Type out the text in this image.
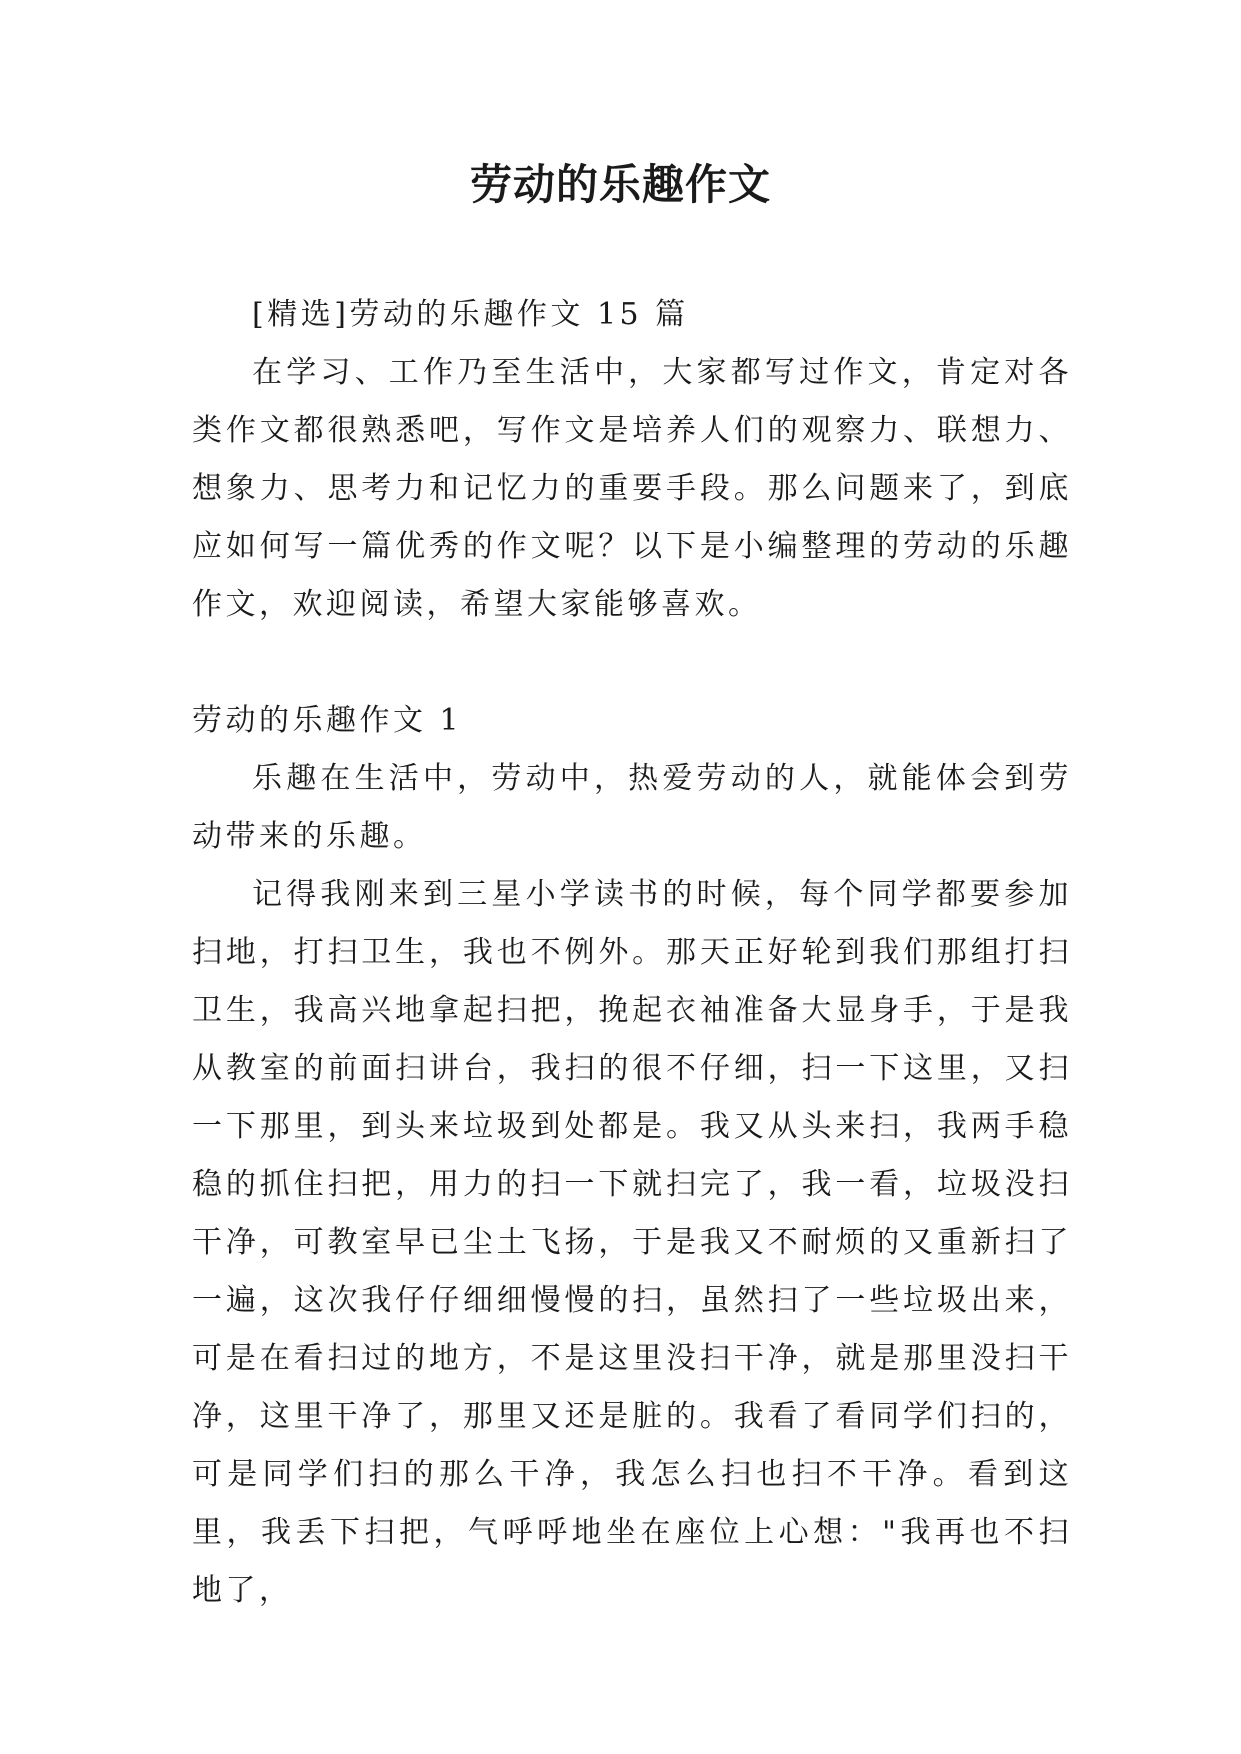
劳动的乐趣作文

[精选]劳动的乐趣作文 15 篇

在学习、工作乃至生活中，大家都写过作文，肯定对各类作文都很熟悉吧，写作文是培养人们的观察力、联想力、想象力、思考力和记忆力的重要手段。那么问题来了，到底应如何写一篇优秀的作文呢？以下是小编整理的劳动的乐趣作文，欢迎阅读，希望大家能够喜欢。

劳动的乐趣作文 1

乐趣在生活中，劳动中，热爱劳动的人，就能体会到劳动带来的乐趣。

记得我刚来到三星小学读书的时候，每个同学都要参加扫地，打扫卫生，我也不例外。那天正好轮到我们那组打扫卫生，我高兴地拿起扫把，挽起衣袖准备大显身手，于是我从教室的前面扫讲台，我扫的很不仔细，扫一下这里，又扫一下那里，到头来垃圾到处都是。我又从头来扫，我两手稳稳的抓住扫把，用力的扫一下就扫完了，我一看，垃圾没扫干净，可教室早已尘土飞扬，于是我又不耐烦的又重新扫了一遍，这次我仔仔细细慢慢的扫，虽然扫了一些垃圾出来，可是在看扫过的地方，不是这里没扫干净，就是那里没扫干净，这里干净了，那里又还是脏的。我看了看同学们扫的，可是同学们扫的那么干净，我怎么扫也扫不干净。看到这里，我丢下扫把，气呼呼地坐在座位上心想："我再也不扫地了，
